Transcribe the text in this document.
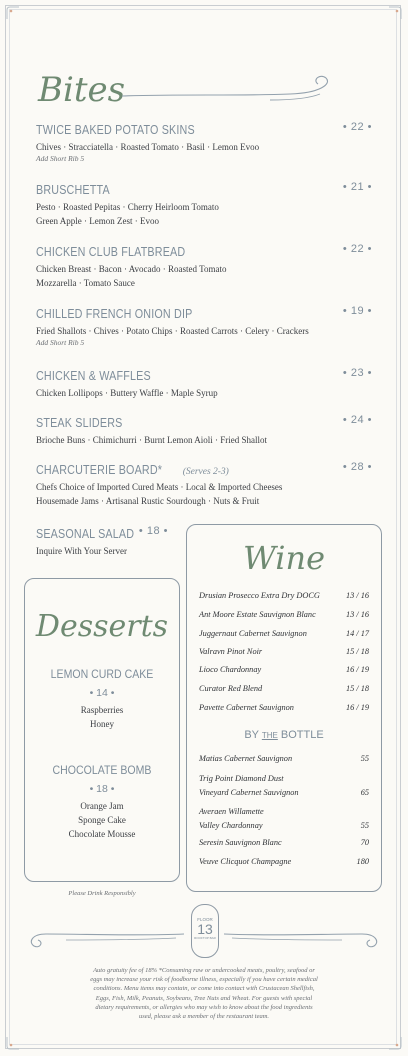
Bites
TWICE BAKED POTATO SKINS	• 22 •
Chives · Stracciatella · Roasted Tomato · Basil · Lemon Evoo
Add Short Rib 5
BRUSCHETTA	• 21 •
Pesto · Roasted Pepitas · Cherry Heirloom Tomato
Green Apple · Lemon Zest · Evoo
CHICKEN CLUB FLATBREAD	• 22 •
Chicken Breast · Bacon · Avocado · Roasted Tomato
Mozzarella · Tomato Sauce
CHILLED FRENCH ONION DIP	• 19 •
Fried Shallots · Chives · Potato Chips · Roasted Carrots · Celery · Crackers
Add Short Rib 5
CHICKEN & WAFFLES	• 23 •
Chicken Lollipops · Buttery Waffle · Maple Syrup
STEAK SLIDERS	• 24 •
Brioche Buns · Chimichurri · Burnt Lemon Aioli · Fried Shallot
CHARCUTERIE BOARD* (Serves 2-3)	• 28 •
Chefs Choice of Imported Cured Meats · Local & Imported Cheeses
Housemade Jams · Artisanal Rustic Sourdough · Nuts & Fruit
SEASONAL SALAD • 18 •
Inquire With Your Server
Desserts
LEMON CURD CAKE
• 14 •
Raspberries
Honey
CHOCOLATE BOMB
• 18 •
Orange Jam
Sponge Cake
Chocolate Mousse
Please Drink Responsibly
Wine
Drusian Prosecco Extra Dry DOCG	13 / 16
Ant Moore Estate Sauvignon Blanc	13 / 16
Juggernaut Cabernet Sauvignon	14 / 17
Valravn Pinot Noir	15 / 18
Lioco Chardonnay	16 / 19
Curator Red Blend	15 / 18
Pavette Cabernet Sauvignon	16 / 19
BY THE BOTTLE
Matias Cabernet Sauvignon	55
Trig Point Diamond Dust
Vineyard Cabernet Sauvignon	65
Averaen Willamette
Valley Chardonnay	55
Seresin Sauvignon Blanc	70
Veuve Clicquot Champagne	180
FLOOR
13
ROOFTOP BAR
Auto gratuity fee of 18% *Consuming raw or undercooked meats, poultry, seafood or eggs may increase your risk of foodborne illness, especially if you have certain medical conditions. Menu items may contain, or come into contact with Crustacean Shellfish, Eggs, Fish, Milk, Peanuts, Soybeans, Tree Nuts and Wheat. For guests with special dietary requirements, or allergies who may wish to know about the food ingredients used, please ask a member of the restaurant team.
